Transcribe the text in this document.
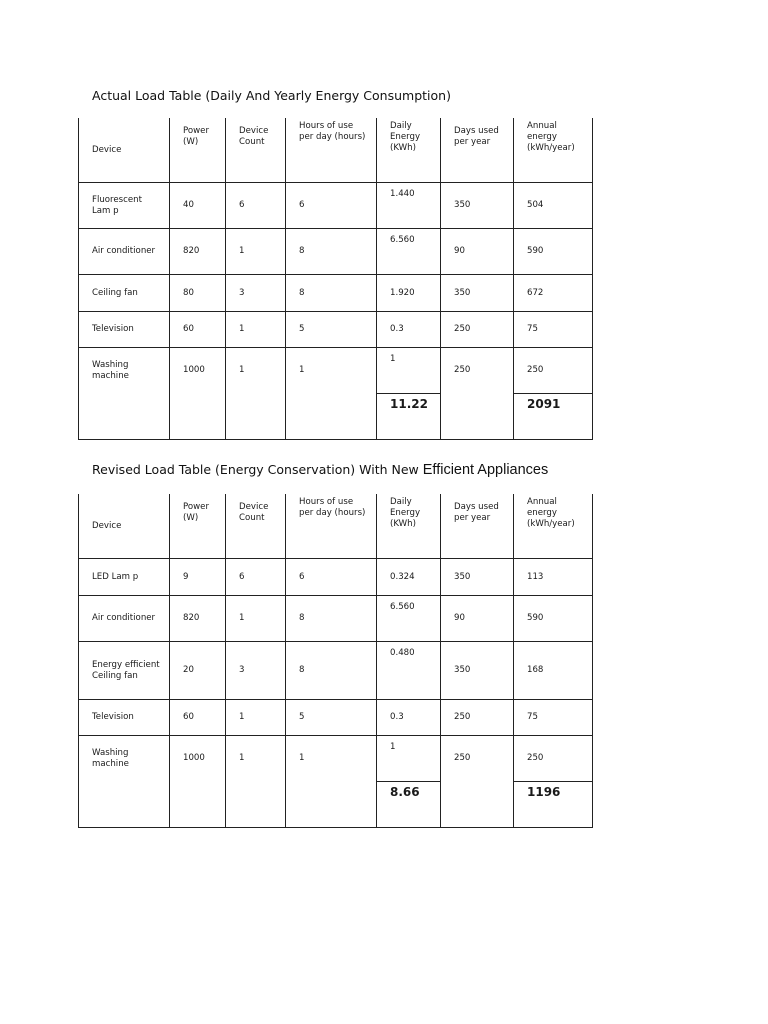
Actual Load Table (Daily And Yearly Energy Consumption)
Device	Power (W)	Device Count	Hours of use per day (hours)	Daily Energy (KWh)	Days used per year	Annual energy (kWh/year)
Fluorescent Lam p	40	6	6	1.440	350	504
Air conditioner	820	1	8	6.560	90	590
Ceiling fan	80	3	8	1.920	350	672
Television	60	1	5	0.3	250	75
Washing machine	1000	1	1	1	250	250
				11.22		2091
Revised Load Table (Energy Conservation) With New Efficient Appliances
Device	Power (W)	Device Count	Hours of use per day (hours)	Daily Energy (KWh)	Days used per year	Annual energy (kWh/year)
LED Lam p	9	6	6	0.324	350	113
Air conditioner	820	1	8	6.560	90	590
Energy efficient Ceiling fan	20	3	8	0.480	350	168
Television	60	1	5	0.3	250	75
Washing machine	1000	1	1	1	250	250
				8.66		1196
